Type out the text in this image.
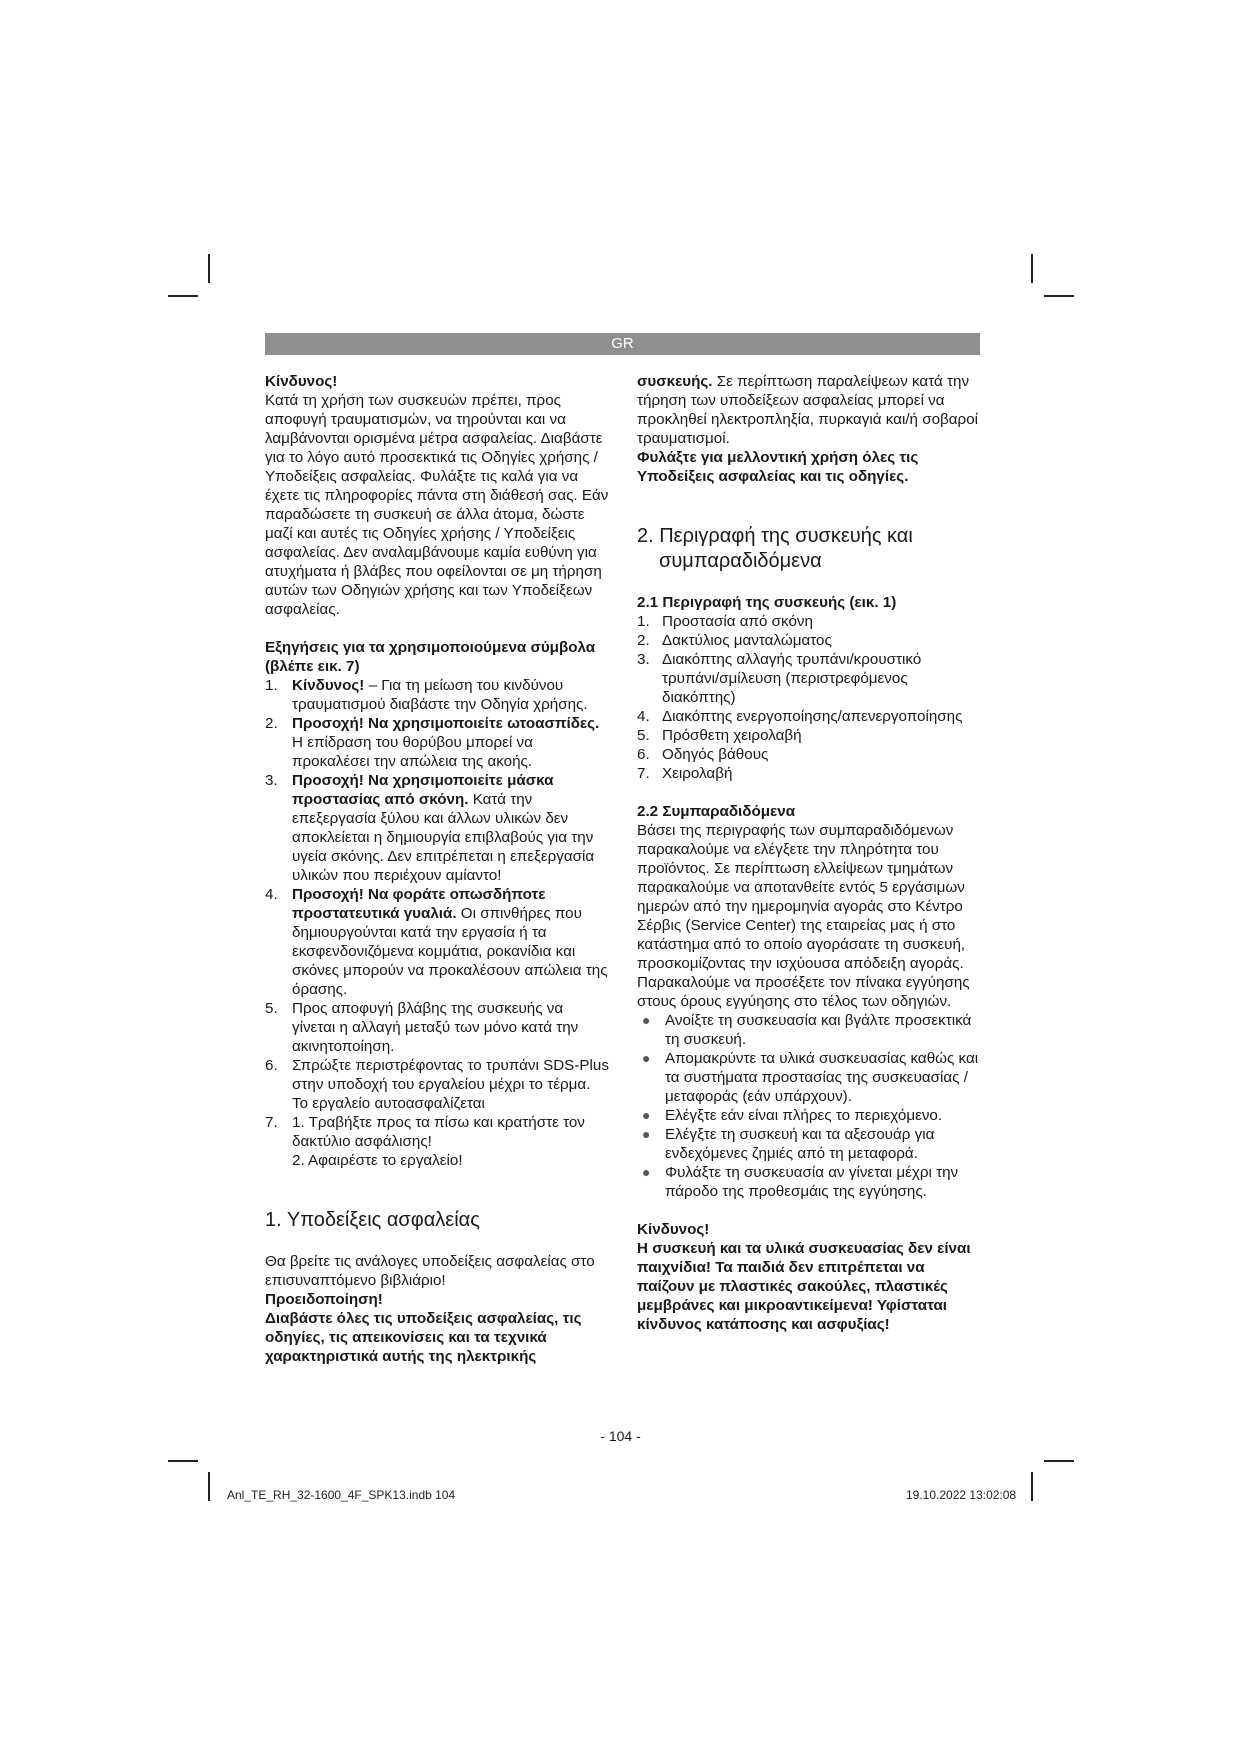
GR

Κίνδυνος!

Κατά τη χρήση των συσκευών πρέπει, προς αποφυγή τραυματισμών, να τηρούνται και να λαμβάνονται ορισμένα μέτρα ασφαλείας. Διαβάστε για το λόγο αυτό προσεκτικά τις Οδηγίες χρήσης / Υποδείξεις ασφαλείας. Φυλάξτε τις καλά για να έχετε τις πληροφορίες πάντα στη διάθεσή σας. Εάν παραδώσετε τη συσκευή σε άλλα άτομα, δώστε μαζί και αυτές τις Οδηγίες χρήσης / Υποδείξεις ασφαλείας. Δεν αναλαμβάνουμε καμία ευθύνη για ατυχήματα ή βλάβες που οφείλονται σε μη τήρηση αυτών των Οδηγιών χρήσης και των Υποδείξεων ασφαλείας.

Εξηγήσεις για τα χρησιμοποιούμενα σύμβολα (βλέπε εικ. 7)

1. Κίνδυνος! – Για τη μείωση του κινδύνου τραυματισμού διαβάστε την Οδηγία χρήσης.
2. Προσοχή! Να χρησιμοποιείτε ωτοασπίδες. Η επίδραση του θορύβου μπορεί να προκαλέσει την απώλεια της ακοής.
3. Προσοχή! Να χρησιμοποιείτε μάσκα προστασίας από σκόνη. Κατά την επεξεργασία ξύλου και άλλων υλικών δεν αποκλείεται η δημιουργία επιβλαβούς για την υγεία σκόνης. Δεν επιτρέπεται η επεξεργασία υλικών που περιέχουν αμίαντο!
4. Προσοχή! Να φοράτε οπωσδήποτε προστατευτικά γυαλιά. Οι σπινθήρες που δημιουργούνται κατά την εργασία ή τα εκσφενδονιζόμενα κομμάτια, ροκανίδια και σκόνες μπορούν να προκαλέσουν απώλεια της όρασης.
5. Προς αποφυγή βλάβης της συσκευής να γίνεται η αλλαγή μεταξύ των μόνο κατά την ακινητοποίηση.
6. Σπρώξτε περιστρέφοντας το τρυπάνι SDS-Plus στην υποδοχή του εργαλείου μέχρι το τέρμα. Το εργαλείο αυτοασφαλίζεται
7. 1. Τραβήξτε προς τα πίσω και κρατήστε τον δακτύλιο ασφάλισης!
2. Αφαιρέστε το εργαλείο!
1. Υποδείξεις ασφαλείας

Θα βρείτε τις ανάλογες υποδείξεις ασφαλείας στο επισυναπτόμενο βιβλιάριο!

Προειδοποίηση!

Διαβάστε όλες τις υποδείξεις ασφαλείας, τις οδηγίες, τις απεικονίσεις και τα τεχνικά χαρακτηριστικά αυτής της ηλεκτρικής

συσκευής. Σε περίπτωση παραλείψεων κατά την τήρηση των υποδείξεων ασφαλείας μπορεί να προκληθεί ηλεκτροπληξία, πυρκαγιά και/ή σοβαροί τραυματισμοί.

Φυλάξτε για μελλοντική χρήση όλες τις Υποδείξεις ασφαλείας και τις οδηγίες.

2. Περιγραφή της συσκευής και συμπαραδιδόμενα

2.1 Περιγραφή της συσκευής (εικ. 1)

1. Προστασία από σκόνη
2. Δακτύλιος μανταλώματος
3. Διακόπτης αλλαγής τρυπάνι/κρουστικό τρυπάνι/σμίλευση (περιστρεφόμενος διακόπτης)
4. Διακόπτης ενεργοποίησης/απενεργοποίησης
5. Πρόσθετη χειρολαβή
6. Οδηγός βάθους
7. Χειρολαβή

2.2 Συμπαραδιδόμενα

Βάσει της περιγραφής των συμπαραδιδόμενων παρακαλούμε να ελέγξετε την πληρότητα του προϊόντος. Σε περίπτωση ελλείψεων τμημάτων παρακαλούμε να αποτανθείτε εντός 5 εργάσιμων ημερών από την ημερομηνία αγοράς στο Κέντρο Σέρβις (Service Center) της εταιρείας μας ή στο κατάστημα από το οποίο αγοράσατε τη συσκευή, προσκομίζοντας την ισχύουσα απόδειξη αγοράς. Παρακαλούμε να προσέξετε τον πίνακα εγγύησης στους όρους εγγύησης στο τέλος των οδηγιών.

● Ανοίξτε τη συσκευασία και βγάλτε προσεκτικά τη συσκευή.
● Απομακρύντε τα υλικά συσκευασίας καθώς και τα συστήματα προστασίας της συσκευασίας / μεταφοράς (εάν υπάρχουν).
● Ελέγξτε εάν είναι πλήρες το περιεχόμενο.
● Ελέγξτε τη συσκευή και τα αξεσουάρ για ενδεχόμενες ζημιές από τη μεταφορά.
● Φυλάξτε τη συσκευασία αν γίνεται μέχρι την πάροδο της προθεσμάις της εγγύησης.

Κίνδυνος!

Η συσκευή και τα υλικά συσκευασίας δεν είναι παιχνίδια! Τα παιδιά δεν επιτρέπεται να παίζουν με πλαστικές σακούλες, πλαστικές μεμβράνες και μικροαντικείμενα! Υφίσταται κίνδυνος κατάποσης και ασφυξίας!

- 104 -
Anl_TE_RH_32-1600_4F_SPK13.indb 104	19.10.2022 13:02:08
